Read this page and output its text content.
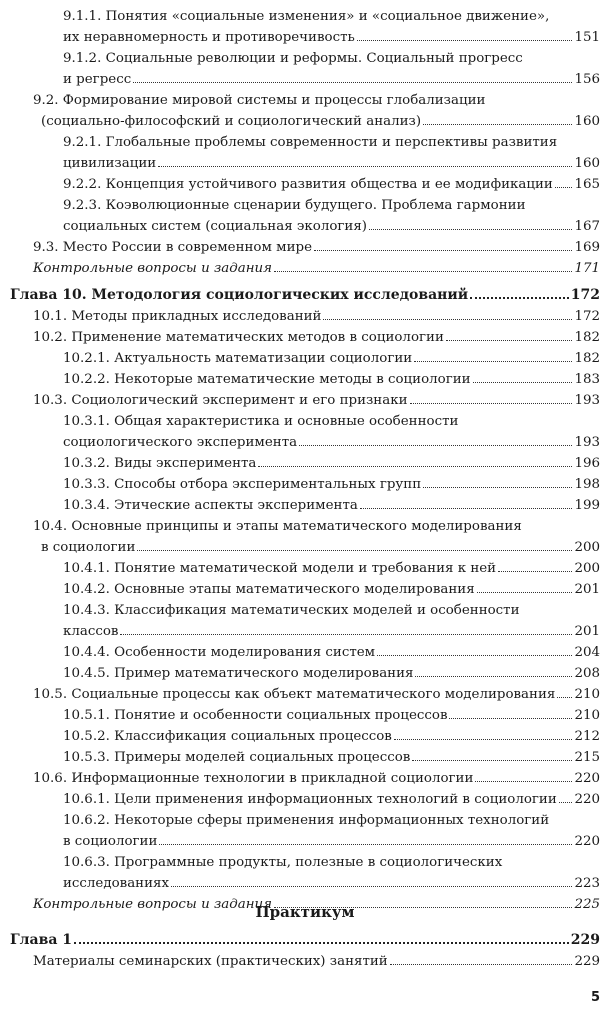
9.1.1. Понятия «социальные изменения» и «социальное движение»,
их неравномерность и противоречивость	151
9.1.2. Социальные революции и реформы. Социальный прогресс
и регресс	156
9.2. Формирование мировой системы и процессы глобализации
(социально-философский и социологический анализ)	160
9.2.1. Глобальные проблемы современности и перспективы развития
цивилизации	160
9.2.2. Концепция устойчивого развития общества и ее модификации 165
9.2.3. Коэволюционные сценарии будущего. Проблема гармонии
социальных систем (социальная экология)	167
9.3. Место России в современном мире	169
Контрольные вопросы и задания	171
Глава 10. Методология социологических исследований	172
10.1. Методы прикладных исследований	172
10.2. Применение математических методов в социологии	182
10.2.1. Актуальность математизации социологии	182
10.2.2. Некоторые математические методы в социологии	183
10.3. Социологический эксперимент и его признаки	193
10.3.1. Общая характеристика и основные особенности
социологического эксперимента	193
10.3.2. Виды эксперимента	196
10.3.3. Способы отбора экспериментальных групп	198
10.3.4. Этические аспекты эксперимента	199
10.4. Основные принципы и этапы математического моделирования
в социологии	200
10.4.1. Понятие математической модели и требования к ней	200
10.4.2. Основные этапы математического моделирования	201
10.4.3. Классификация математических моделей и особенности
классов	201
10.4.4. Особенности моделирования систем	204
10.4.5. Пример математического моделирования	208
10.5. Социальные процессы как объект математического моделирования 210
10.5.1. Понятие и особенности социальных процессов	210
10.5.2. Классификация социальных процессов	212
10.5.3. Примеры моделей социальных процессов	215
10.6. Информационные технологии в прикладной социологии	220
10.6.1. Цели применения информационных технологий в социологии 220
10.6.2. Некоторые сферы применения информационных технологий
в социологии	220
10.6.3. Программные продукты, полезные в социологических
исследованиях	223
Контрольные вопросы и задания	225
Практикум
Глава 1	229
Материалы семинарских (практических) занятий	229
5
